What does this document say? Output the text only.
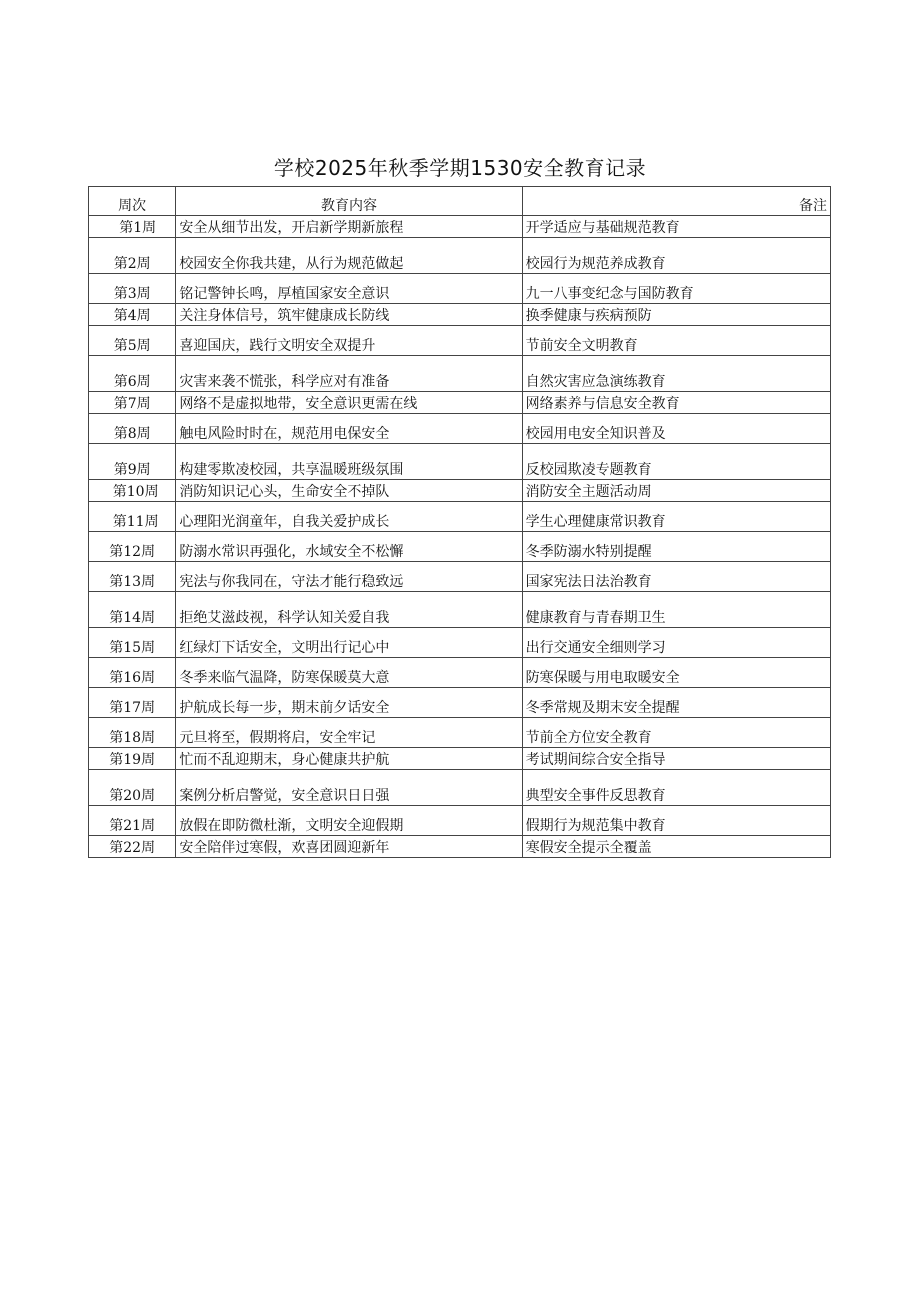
学校2025年秋季学期1530安全教育记录
周次	教育内容	备注
第1周	安全从细节出发，开启新学期新旅程	开学适应与基础规范教育
第2周	校园安全你我共建，从行为规范做起	校园行为规范养成教育
第3周	铭记警钟长鸣，厚植国家安全意识	九一八事变纪念与国防教育
第4周	关注身体信号，筑牢健康成长防线	换季健康与疾病预防
第5周	喜迎国庆，践行文明安全双提升	节前安全文明教育
第6周	灾害来袭不慌张，科学应对有准备	自然灾害应急演练教育
第7周	网络不是虚拟地带，安全意识更需在线	网络素养与信息安全教育
第8周	触电风险时时在，规范用电保安全	校园用电安全知识普及
第9周	构建零欺凌校园，共享温暖班级氛围	反校园欺凌专题教育
第10周	消防知识记心头，生命安全不掉队	消防安全主题活动周
第11周	心理阳光润童年，自我关爱护成长	学生心理健康常识教育
第12周	防溺水常识再强化，水域安全不松懈	冬季防溺水特别提醒
第13周	宪法与你我同在，守法才能行稳致远	国家宪法日法治教育
第14周	拒绝艾滋歧视，科学认知关爱自我	健康教育与青春期卫生
第15周	红绿灯下话安全，文明出行记心中	出行交通安全细则学习
第16周	冬季来临气温降，防寒保暖莫大意	防寒保暖与用电取暖安全
第17周	护航成长每一步，期末前夕话安全	冬季常规及期末安全提醒
第18周	元旦将至，假期将启，安全牢记	节前全方位安全教育
第19周	忙而不乱迎期末，身心健康共护航	考试期间综合安全指导
第20周	案例分析启警觉，安全意识日日强	典型安全事件反思教育
第21周	放假在即防微杜渐，文明安全迎假期	假期行为规范集中教育
第22周	安全陪伴过寒假，欢喜团圆迎新年	寒假安全提示全覆盖
